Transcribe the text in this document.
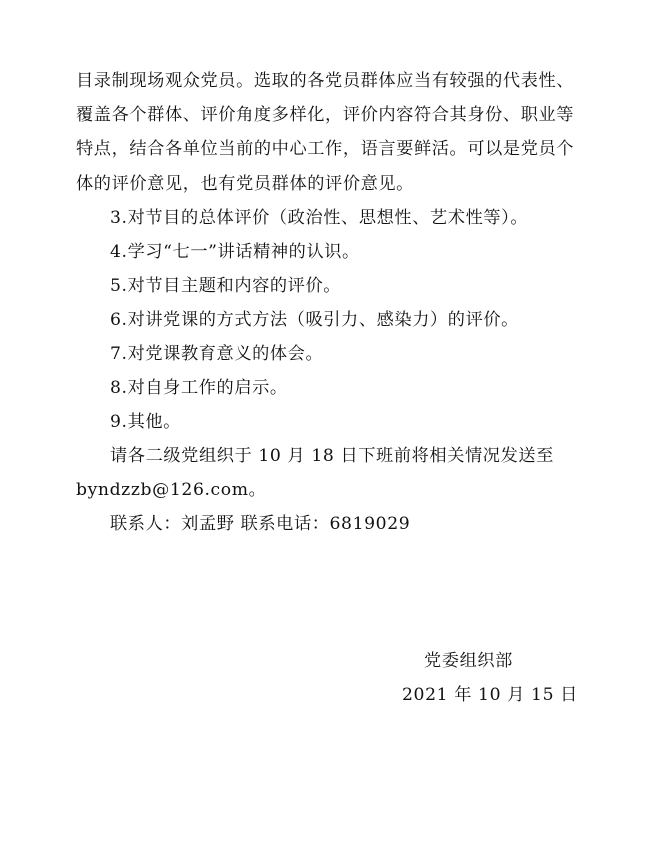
目录制现场观众党员。选取的各党员群体应当有较强的代表性、
覆盖各个群体、评价角度多样化，评价内容符合其身份、职业等
特点，结合各单位当前的中心工作，语言要鲜活。可以是党员个
体的评价意见，也有党员群体的评价意见。
3.对节目的总体评价（政治性、思想性、艺术性等）。
4.学习“七一”讲话精神的认识。
5.对节目主题和内容的评价。
6.对讲党课的方式方法（吸引力、感染力）的评价。
7.对党课教育意义的体会。
8.对自身工作的启示。
9.其他。
请各二级党组织于 10 月 18 日下班前将相关情况发送至
byndzzb@126.com。
联系人：刘孟野 联系电话：6819029
党委组织部
2021 年 10 月 15 日
